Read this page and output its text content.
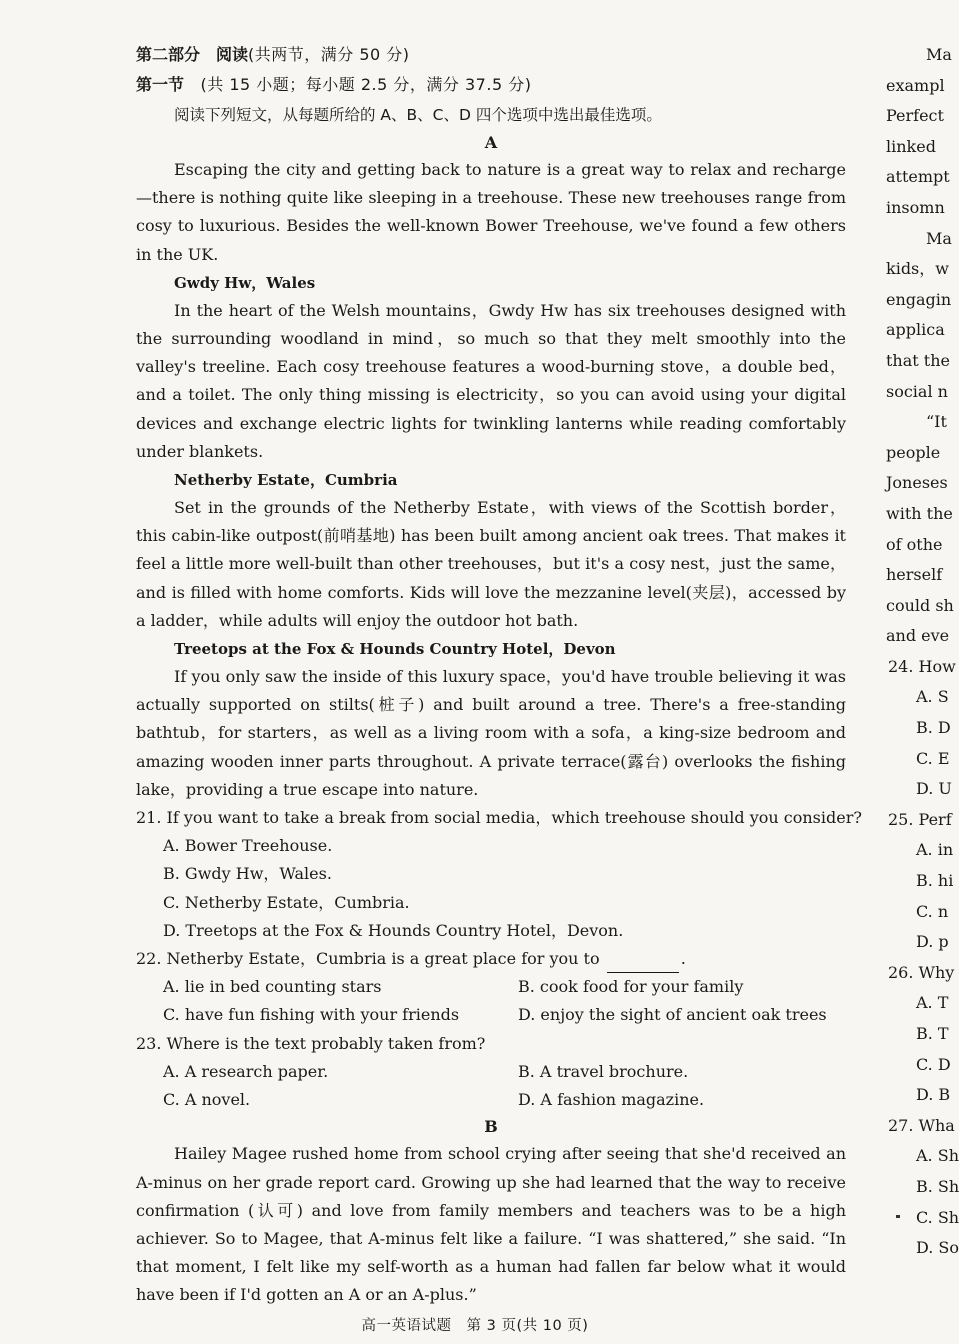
第二部分　阅读(共两节，满分 50 分)
第一节　(共 15 小题；每小题 2.5 分，满分 37.5 分)
阅读下列短文，从每题所给的 A、B、C、D 四个选项中选出最佳选项。
A

Escaping the city and getting back to nature is a great way to relax and recharge—there is nothing quite like sleeping in a treehouse. These new treehouses range from cosy to luxurious. Besides the well-known Bower Treehouse, we've found a few others in the UK.

Gwdy Hw，Wales

In the heart of the Welsh mountains，Gwdy Hw has six treehouses designed with the surrounding woodland in mind，so much so that they melt smoothly into the valley's treeline. Each cosy treehouse features a wood-burning stove，a double bed，and a toilet. The only thing missing is electricity，so you can avoid using your digital devices and exchange electric lights for twinkling lanterns while reading comfortably under blankets.

Netherby Estate，Cumbria

Set in the grounds of the Netherby Estate，with views of the Scottish border，this cabin-like outpost(前哨基地) has been built among ancient oak trees. That makes it feel a little more well-built than other treehouses，but it's a cosy nest，just the same，and is filled with home comforts. Kids will love the mezzanine level(夹层)，accessed by a ladder，while adults will enjoy the outdoor hot bath.

Treetops at the Fox & Hounds Country Hotel，Devon

If you only saw the inside of this luxury space，you'd have trouble believing it was actually supported on stilts(桩子) and built around a tree. There's a free-standing bathtub，for starters，as well as a living room with a sofa，a king-size bedroom and amazing wooden inner parts throughout. A private terrace(露台) overlooks the fishing lake，providing a true escape into nature.

21. If you want to take a break from social media，which treehouse should you consider?
A. Bower Treehouse.
B. Gwdy Hw，Wales.
C. Netherby Estate，Cumbria.
D. Treetops at the Fox & Hounds Country Hotel，Devon.
22. Netherby Estate，Cumbria is a great place for you to	.
A. lie in bed counting stars	B. cook food for your family
C. have fun fishing with your friends	D. enjoy the sight of ancient oak trees
23. Where is the text probably taken from?
A. A research paper.	B. A travel brochure.
C. A novel.	D. A fashion magazine.
B

Hailey Magee rushed home from school crying after seeing that she'd received an A-minus on her grade report card. Growing up she had learned that the way to receive confirmation (认可) and love from family members and teachers was to be a high achiever. So to Magee, that A-minus felt like a failure. “I was shattered,” she said. “In that moment, I felt like my self-worth as a human had fallen far below what it would have been if I'd gotten an A or an A-plus.”

高一英语试题　第 3 页(共 10 页)
Ma
exampl
Perfect
linked
attempt
insomn
Ma
kids，w
engagin
applica
that the
social n
“It
people
Joneses
with the
of othe
herself
could sh
and eve
24. How
A. S
B. D
C. E
D. U
25. Perf
A. in
B. hi
C. n
D. p
26. Why
A. T
B. T
C. D
D. B
27. Wha
A. Sh
B. Sh
C. Sh
D. So
